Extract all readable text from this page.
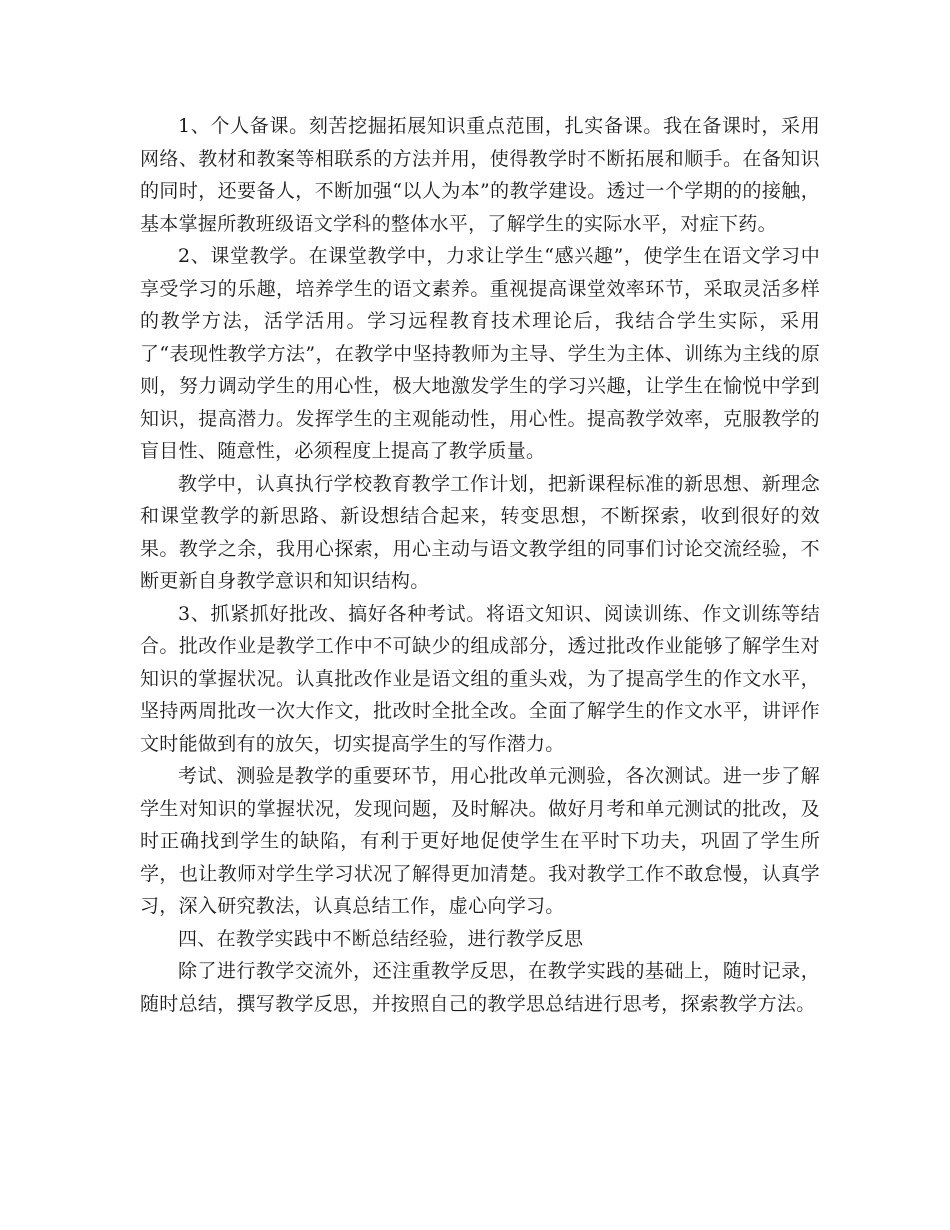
1、个人备课。刻苦挖掘拓展知识重点范围，扎实备课。我在备课时，采用网络、教材和教案等相联系的方法并用，使得教学时不断拓展和顺手。在备知识的同时，还要备人，不断加强“以人为本”的教学建设。透过一个学期的的接触，基本掌握所教班级语文学科的整体水平，了解学生的实际水平，对症下药。

2、课堂教学。在课堂教学中，力求让学生“感兴趣”，使学生在语文学习中享受学习的乐趣，培养学生的语文素养。重视提高课堂效率环节，采取灵活多样的教学方法，活学活用。学习远程教育技术理论后，我结合学生实际，采用了“表现性教学方法”，在教学中坚持教师为主导、学生为主体、训练为主线的原则，努力调动学生的用心性，极大地激发学生的学习兴趣，让学生在愉悦中学到知识，提高潜力。发挥学生的主观能动性，用心性。提高教学效率，克服教学的盲目性、随意性，必须程度上提高了教学质量。

教学中，认真执行学校教育教学工作计划，把新课程标准的新思想、新理念和课堂教学的新思路、新设想结合起来，转变思想，不断探索，收到很好的效果。教学之余，我用心探索，用心主动与语文教学组的同事们讨论交流经验，不断更新自身教学意识和知识结构。

3、抓紧抓好批改、搞好各种考试。将语文知识、阅读训练、作文训练等结合。批改作业是教学工作中不可缺少的组成部分，透过批改作业能够了解学生对知识的掌握状况。认真批改作业是语文组的重头戏，为了提高学生的作文水平，坚持两周批改一次大作文，批改时全批全改。全面了解学生的作文水平，讲评作文时能做到有的放矢，切实提高学生的写作潜力。

考试、测验是教学的重要环节，用心批改单元测验，各次测试。进一步了解学生对知识的掌握状况，发现问题，及时解决。做好月考和单元测试的批改，及时正确找到学生的缺陷，有利于更好地促使学生在平时下功夫，巩固了学生所学，也让教师对学生学习状况了解得更加清楚。我对教学工作不敢怠慢，认真学习，深入研究教法，认真总结工作，虚心向学习。

四、在教学实践中不断总结经验，进行教学反思

除了进行教学交流外，还注重教学反思，在教学实践的基础上，随时记录，随时总结，撰写教学反思，并按照自己的教学思总结进行思考，探索教学方法。
